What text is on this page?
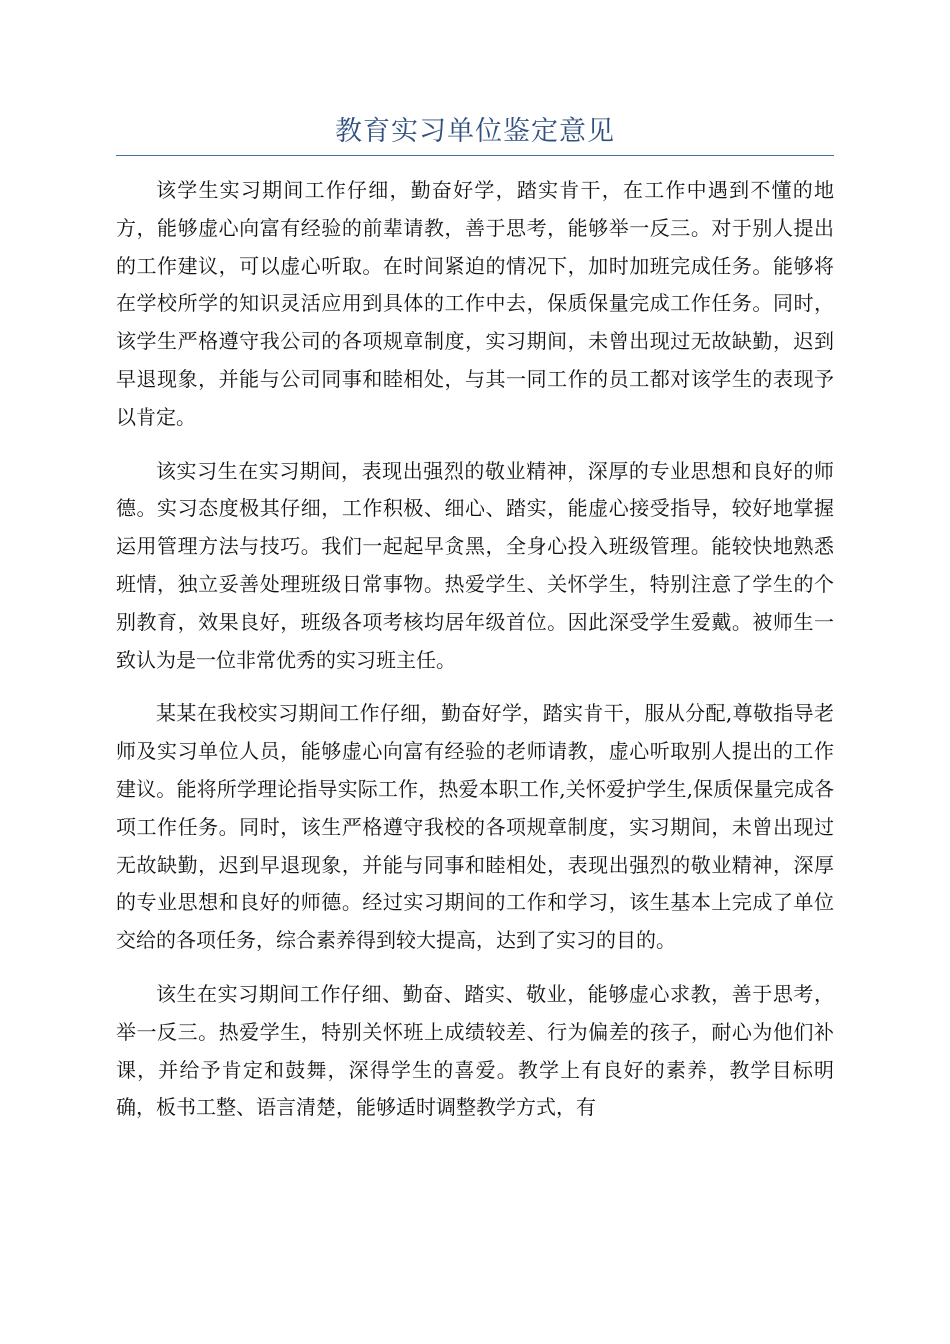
教育实习单位鉴定意见

该学生实习期间工作仔细，勤奋好学，踏实肯干，在工作中遇到不懂的地方，能够虚心向富有经验的前辈请教，善于思考，能够举一反三。对于别人提出的工作建议，可以虚心听取。在时间紧迫的情况下，加时加班完成任务。能够将在学校所学的知识灵活应用到具体的工作中去，保质保量完成工作任务。同时，该学生严格遵守我公司的各项规章制度，实习期间，未曾出现过无故缺勤，迟到早退现象，并能与公司同事和睦相处，与其一同工作的员工都对该学生的表现予以肯定。

该实习生在实习期间，表现出强烈的敬业精神，深厚的专业思想和良好的师德。实习态度极其仔细，工作积极、细心、踏实，能虚心接受指导，较好地掌握运用管理方法与技巧。我们一起起早贪黑，全身心投入班级管理。能较快地熟悉班情，独立妥善处理班级日常事物。热爱学生、关怀学生，特别注意了学生的个别教育，效果良好，班级各项考核均居年级首位。因此深受学生爱戴。被师生一致认为是一位非常优秀的实习班主任。

某某在我校实习期间工作仔细，勤奋好学，踏实肯干，服从分配,尊敬指导老师及实习单位人员，能够虚心向富有经验的老师请教，虚心听取别人提出的工作建议。能将所学理论指导实际工作，热爱本职工作,关怀爱护学生,保质保量完成各项工作任务。同时，该生严格遵守我校的各项规章制度，实习期间，未曾出现过无故缺勤，迟到早退现象，并能与同事和睦相处，表现出强烈的敬业精神，深厚的专业思想和良好的师德。经过实习期间的工作和学习，该生基本上完成了单位交给的各项任务，综合素养得到较大提高，达到了实习的目的。

该生在实习期间工作仔细、勤奋、踏实、敬业，能够虚心求教，善于思考，举一反三。热爱学生，特别关怀班上成绩较差、行为偏差的孩子，耐心为他们补课，并给予肯定和鼓舞，深得学生的喜爱。教学上有良好的素养，教学目标明确，板书工整、语言清楚，能够适时调整教学方式，有
